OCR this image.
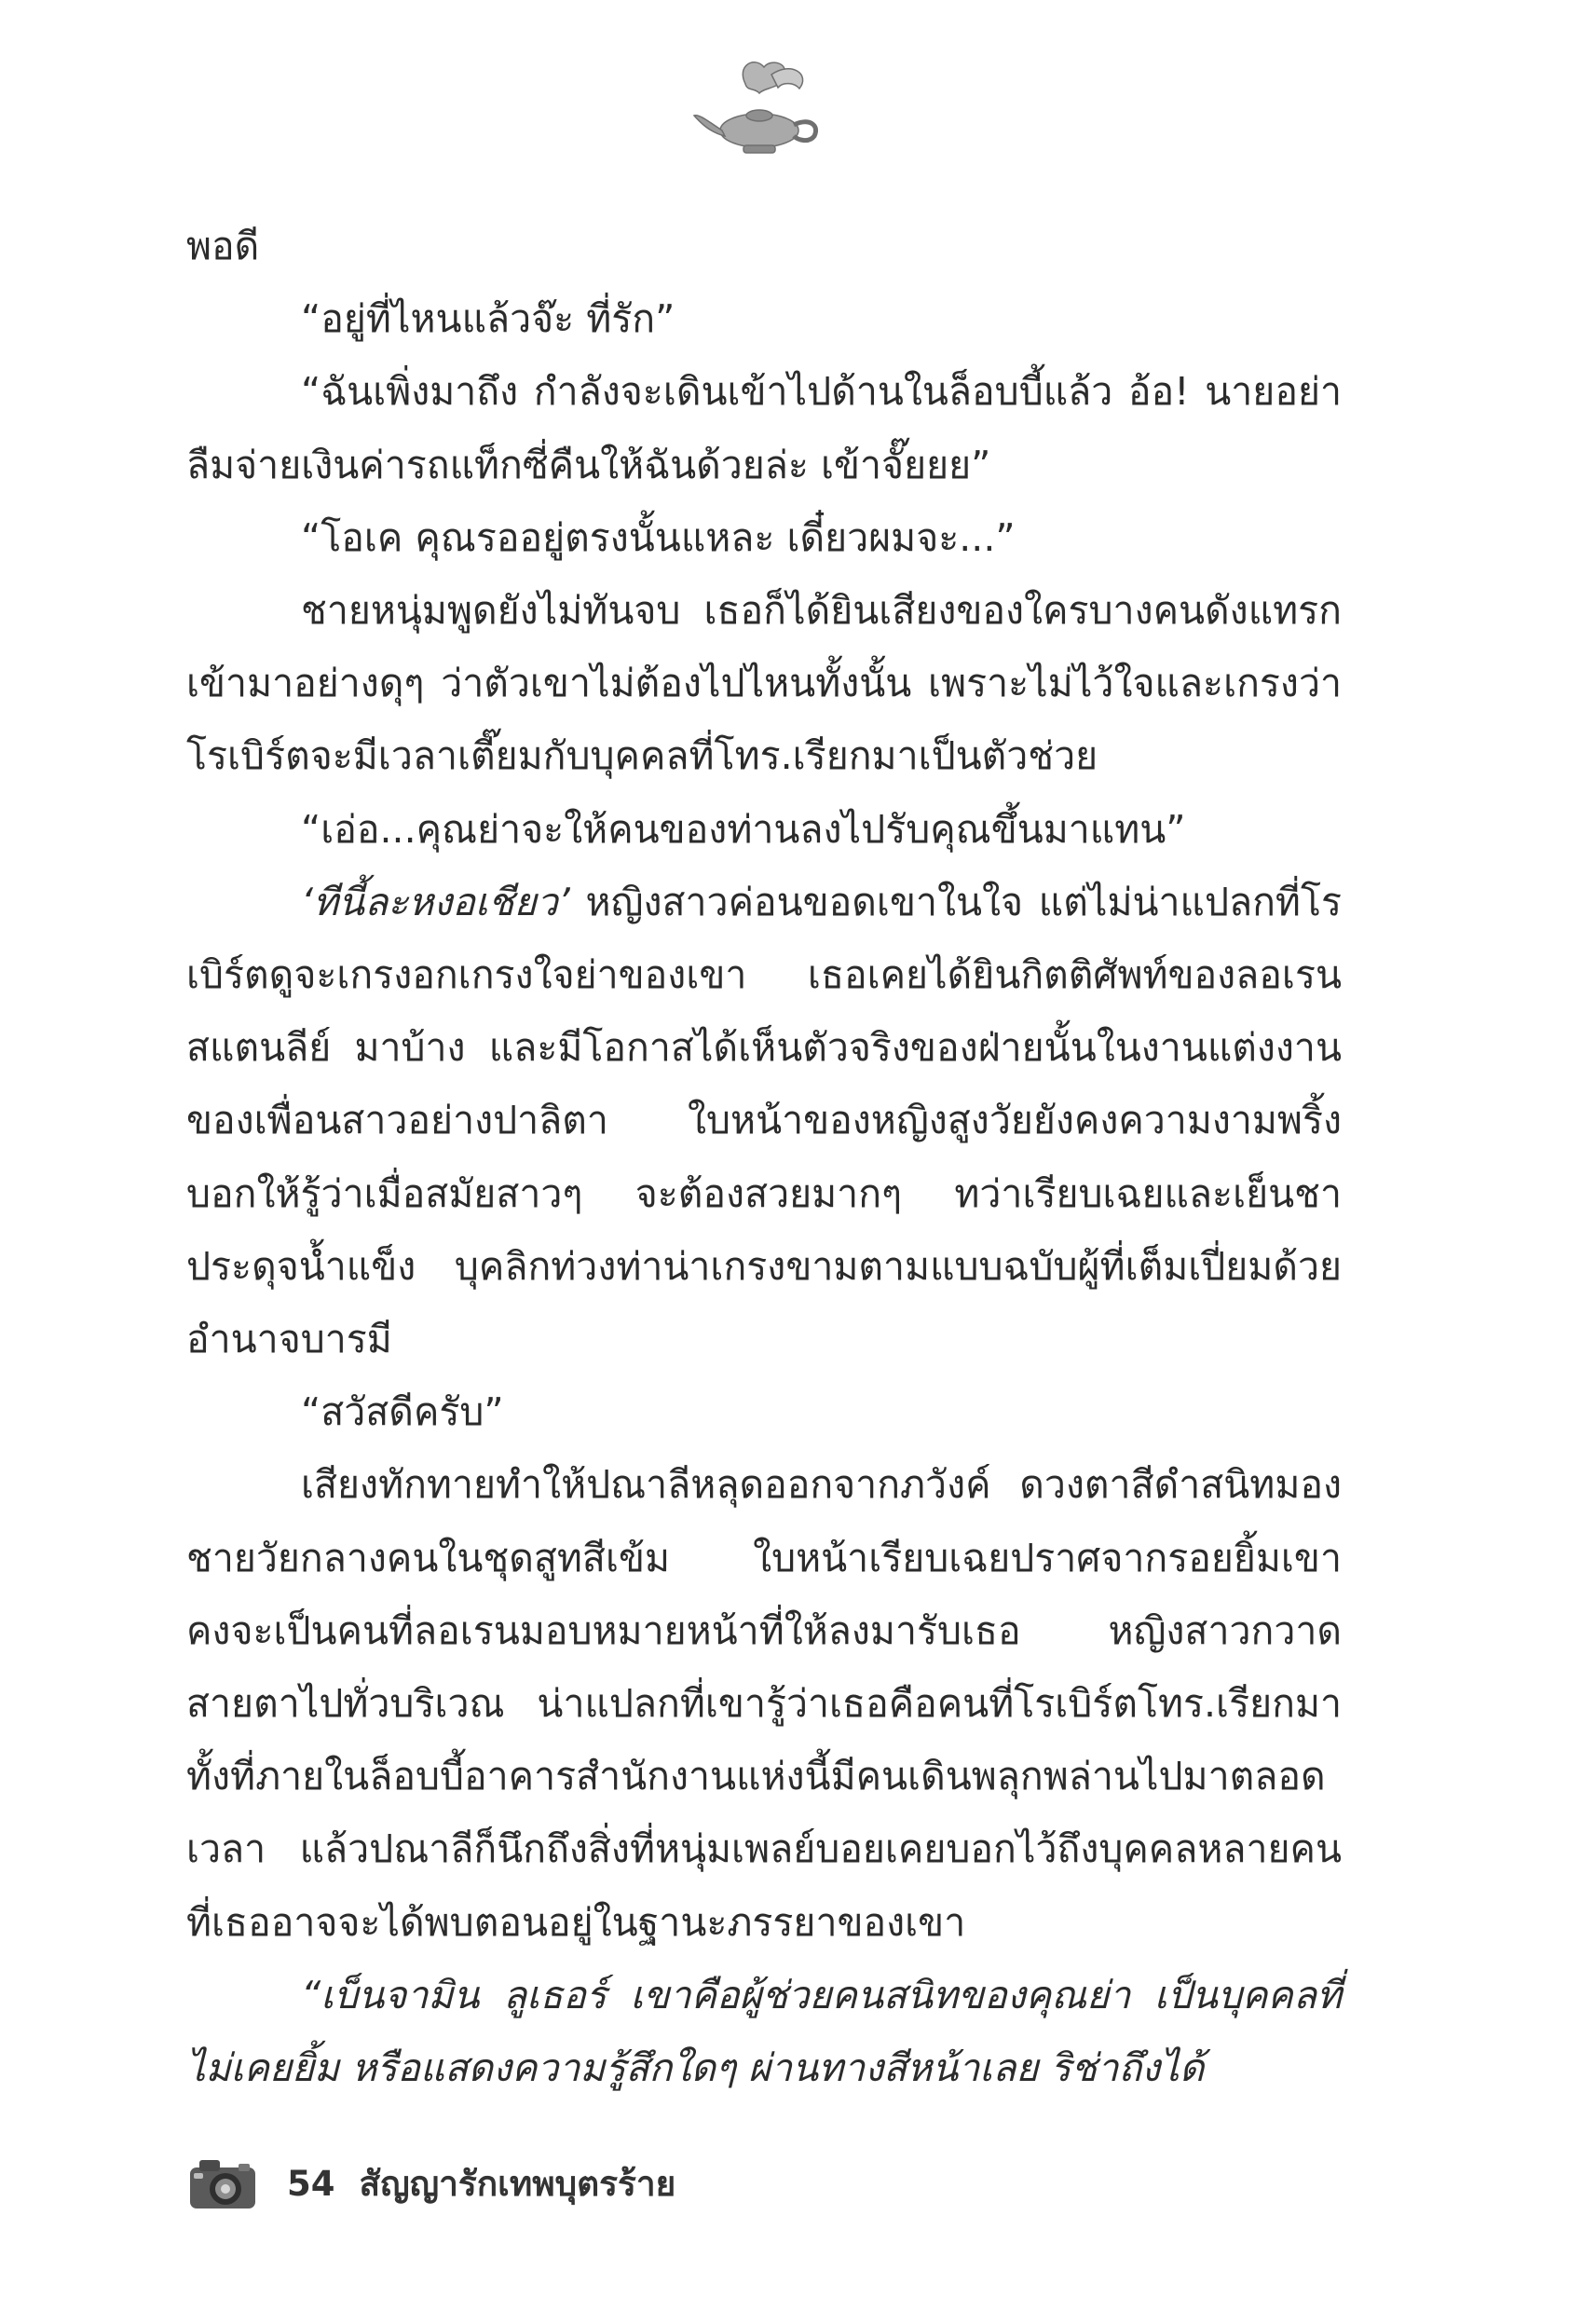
พอดี

“อยู่ที่ไหนแล้วจ๊ะ ที่รัก”

“ฉันเพิ่งมาถึง กำลังจะเดินเข้าไปด้านในล็อบบี้แล้ว อ้อ! นายอย่าลืมจ่ายเงินค่ารถแท็กซี่คืนให้ฉันด้วยล่ะ เข้าจั๊ยยย”

“โอเค คุณรออยู่ตรงนั้นแหละ เดี๋ยวผมจะ...”

ชายหนุ่มพูดยังไม่ทันจบ เธอก็ได้ยินเสียงของใครบางคนดังแทรกเข้ามาอย่างดุๆ ว่าตัวเขาไม่ต้องไปไหนทั้งนั้น เพราะไม่ไว้ใจและเกรงว่าโรเบิร์ตจะมีเวลาเตี๊ยมกับบุคคลที่โทร.เรียกมาเป็นตัวช่วย

“เอ่อ...คุณย่าจะให้คนของท่านลงไปรับคุณขึ้นมาแทน”

‘ทีนี้ละหงอเชียว’ หญิงสาวค่อนขอดเขาในใจ แต่ไม่น่าแปลกที่โรเบิร์ตดูจะเกรงอกเกรงใจย่าของเขา เธอเคยได้ยินกิตติศัพท์ของลอเรน สแตนลีย์ มาบ้าง และมีโอกาสได้เห็นตัวจริงของฝ่ายนั้นในงานแต่งงานของเพื่อนสาวอย่างปาลิตา ใบหน้าของหญิงสูงวัยยังคงความงามพริ้ง บอกให้รู้ว่าเมื่อสมัยสาวๆ จะต้องสวยมากๆ ทว่าเรียบเฉยและเย็นชาประดุจน้ำแข็ง บุคลิกท่วงท่าน่าเกรงขามตามแบบฉบับผู้ที่เต็มเปี่ยมด้วยอำนาจบารมี

“สวัสดีครับ”

เสียงทักทายทำให้ปณาลีหลุดออกจากภวังค์ ดวงตาสีดำสนิทมองชายวัยกลางคนในชุดสูทสีเข้ม ใบหน้าเรียบเฉยปราศจากรอยยิ้มเขาคงจะเป็นคนที่ลอเรนมอบหมายหน้าที่ให้ลงมารับเธอ หญิงสาวกวาดสายตาไปทั่วบริเวณ น่าแปลกที่เขารู้ว่าเธอคือคนที่โรเบิร์ตโทร.เรียกมา ทั้งที่ภายในล็อบบี้อาคารสำนักงานแห่งนี้มีคนเดินพลุกพล่านไปมาตลอดเวลา แล้วปณาลีก็นึกถึงสิ่งที่หนุ่มเพลย์บอยเคยบอกไว้ถึงบุคคลหลายคนที่เธออาจจะได้พบตอนอยู่ในฐานะภรรยาของเขา

“เบ็นจามิน ลูเธอร์ เขาคือผู้ช่วยคนสนิทของคุณย่า เป็นบุคคลที่ไม่เคยยิ้ม หรือแสดงความรู้สึกใดๆ ผ่านทางสีหน้าเลย ริช่าถึงได้

54 สัญญารักเทพบุตรร้าย
